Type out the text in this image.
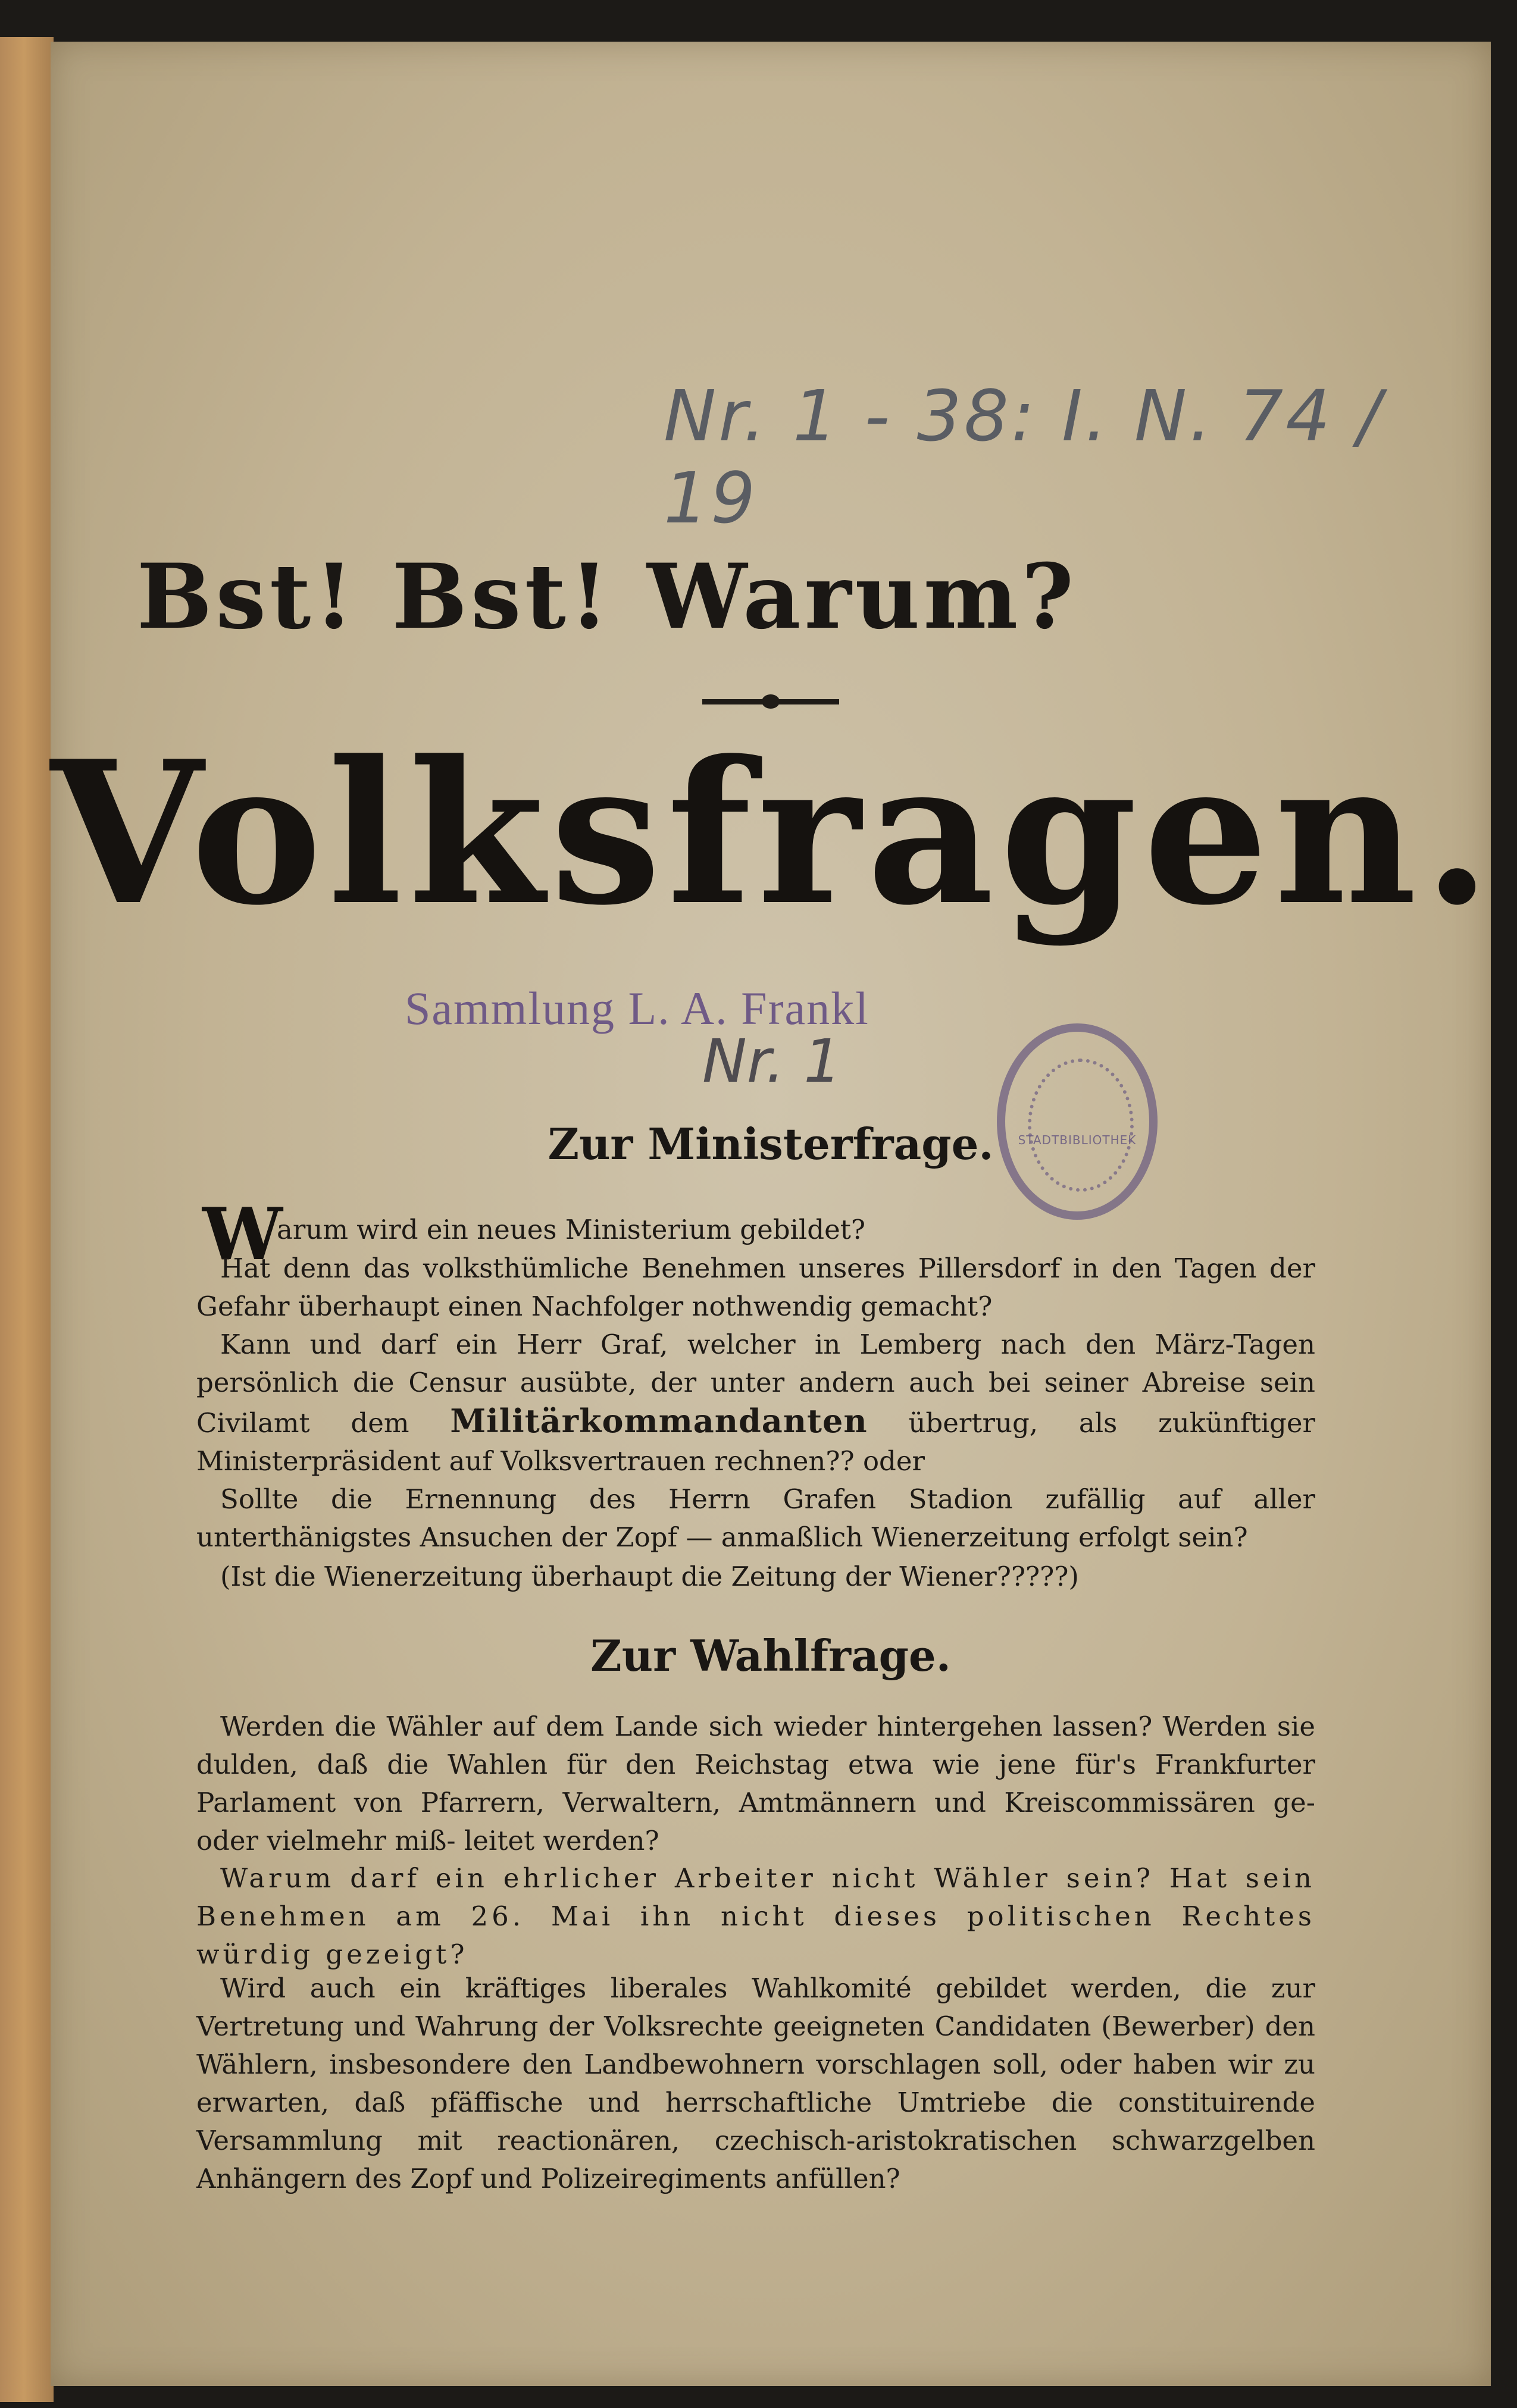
Nr. 1 - 38: I. N. 74 / 19
Bst! Bst! Warum?
Volksfragen.
Sammlung L. A. Frankl
Nr. 1
STADTBIBLIOTHEK
Zur Ministerfrage.
W

arum wird ein neues Ministerium gebildet?

Hat denn das volksthümliche Benehmen unseres Pillersdorf in den Tagen der Gefahr überhaupt einen Nachfolger nothwendig gemacht?

Kann und darf ein Herr Graf, welcher in Lemberg nach den März-Tagen persönlich die Censur ausübte, der unter andern auch bei seiner Abreise sein Civilamt dem Militärkommandanten übertrug, als zukünftiger Ministerpräsident auf Volksvertrauen rechnen?? oder

Sollte die Ernennung des Herrn Grafen Stadion zufällig auf aller unterthänigstes Ansuchen der Zopf — anmaßlich Wienerzeitung erfolgt sein?

(Ist die Wienerzeitung überhaupt die Zeitung der Wiener?????)

Zur Wahlfrage.

Werden die Wähler auf dem Lande sich wieder hintergehen lassen? Werden sie dulden, daß die Wahlen für den Reichstag etwa wie jene für's Frankfurter Parlament von Pfarrern, Verwaltern, Amtmännern und Kreiscommissären ge- oder vielmehr miß- leitet werden?

Warum darf ein ehrlicher Arbeiter nicht Wähler sein? Hat sein Benehmen am 26. Mai ihn nicht dieses politischen Rechtes würdig gezeigt?

Wird auch ein kräftiges liberales Wahlkomité gebildet werden, die zur Vertretung und Wahrung der Volksrechte geeigneten Candidaten (Bewerber) den Wählern, insbesondere den Landbewohnern vorschlagen soll, oder haben wir zu erwarten, daß pfäffische und herrschaftliche Umtriebe die constituirende Versammlung mit reactionären, czechisch-aristokratischen schwarzgelben Anhängern des Zopf und Polizeiregiments anfüllen?
